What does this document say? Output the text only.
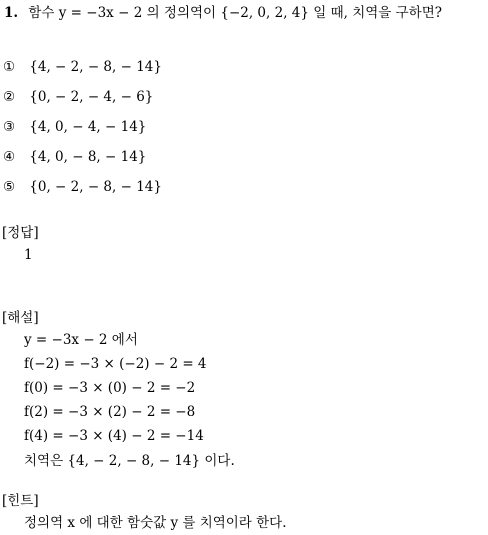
1. 함수 y = −3x − 2 의 정의역이 {−2, 0, 2, 4} 일 때, 치역을 구하면?
① {4, − 2, − 8, − 14}
② {0, − 2, − 4, − 6}
③ {4, 0, − 4, − 14}
④ {4, 0, − 8, − 14}
⑤ {0, − 2, − 8, − 14}
[정답]
1
[해설]
y = −3x − 2 에서
f(−2) = −3 × (−2) − 2 = 4
f(0) = −3 × (0) − 2 = −2
f(2) = −3 × (2) − 2 = −8
f(4) = −3 × (4) − 2 = −14
치역은 {4, − 2, − 8, − 14} 이다.
[힌트]
정의역 x 에 대한 함숫값 y 를 치역이라 한다.
